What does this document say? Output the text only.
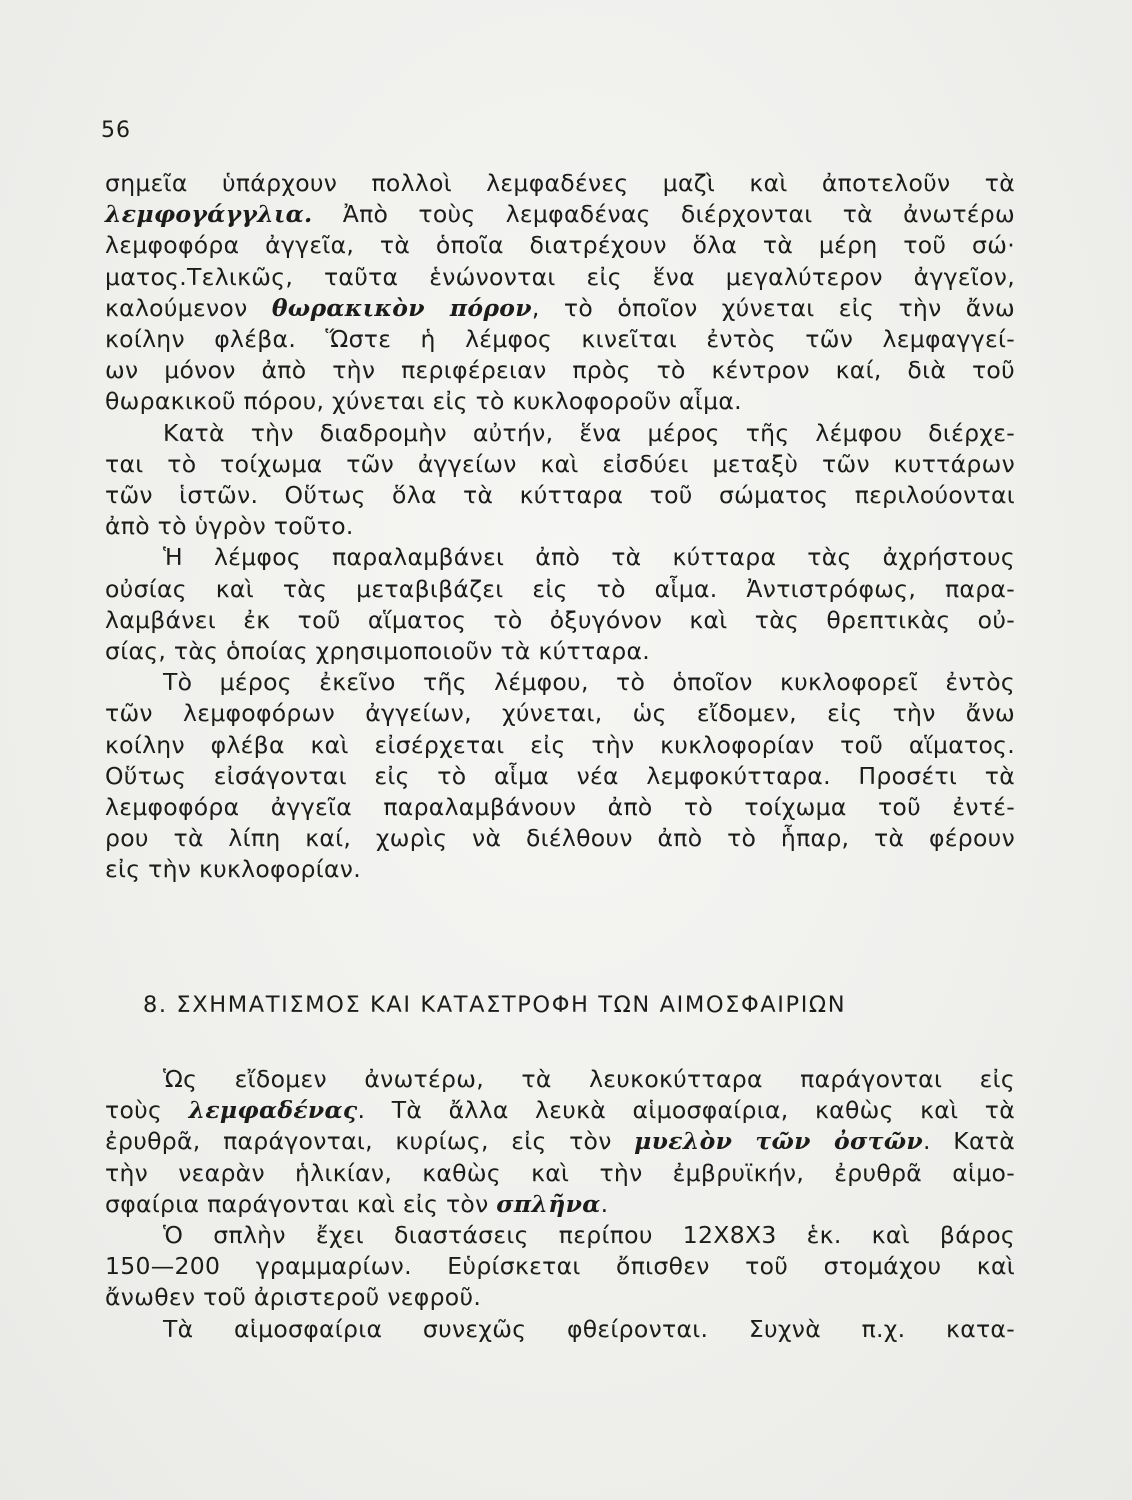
56
σημεῖα ὑπάρχουν πολλοὶ λεμφαδένες μαζὶ καὶ ἀποτελοῦν τὰ
λεμφογάγγλια. Ἀπὸ τοὺς λεμφαδένας διέρχονται τὰ ἀνωτέρω
λεμφοφόρα ἀγγεῖα, τὰ ὁποῖα διατρέχουν ὅλα τὰ μέρη τοῦ σώ·
ματος.Τελικῶς, ταῦτα ἑνώνονται εἰς ἕνα μεγαλύτερον ἀγγεῖον,
καλούμενον θωρακικὸν πόρον, τὸ ὁποῖον χύνεται εἰς τὴν ἄνω
κοίλην φλέβα. Ὥστε ἡ λέμφος κινεῖται ἐντὸς τῶν λεμφαγγεί-
ων μόνον ἀπὸ τὴν περιφέρειαν πρὸς τὸ κέντρον καί, διὰ τοῦ
θωρακικοῦ πόρου, χύνεται εἰς τὸ κυκλοφοροῦν αἷμα.
Κατὰ τὴν διαδρομὴν αὐτήν, ἕνα μέρος τῆς λέμφου διέρχε-
ται τὸ τοίχωμα τῶν ἀγγείων καὶ εἰσδύει μεταξὺ τῶν κυττάρων
τῶν ἱστῶν. Οὕτως ὅλα τὰ κύτταρα τοῦ σώματος περιλούονται
ἀπὸ τὸ ὑγρὸν τοῦτο.
Ἡ λέμφος παραλαμβάνει ἀπὸ τὰ κύτταρα τὰς ἀχρήστους
οὐσίας καὶ τὰς μεταβιβάζει εἰς τὸ αἷμα. Ἀντιστρόφως, παρα-
λαμβάνει ἐκ τοῦ αἵματος τὸ ὀξυγόνον καὶ τὰς θρεπτικὰς οὐ-
σίας, τὰς ὁποίας χρησιμοποιοῦν τὰ κύτταρα.
Τὸ μέρος ἐκεῖνο τῆς λέμφου, τὸ ὁποῖον κυκλοφορεῖ ἐντὸς
τῶν λεμφοφόρων ἀγγείων, χύνεται, ὡς εἴδομεν, εἰς τὴν ἄνω
κοίλην φλέβα καὶ εἰσέρχεται εἰς τὴν κυκλοφορίαν τοῦ αἵματος.
Οὕτως εἰσάγονται εἰς τὸ αἷμα νέα λεμφοκύτταρα. Προσέτι τὰ
λεμφοφόρα ἀγγεῖα παραλαμβάνουν ἀπὸ τὸ τοίχωμα τοῦ ἐντέ-
ρου τὰ λίπη καί, χωρὶς νὰ διέλθουν ἀπὸ τὸ ἧπαρ, τὰ φέρουν
εἰς τὴν κυκλοφορίαν.
8. ΣΧΗΜΑΤΙΣΜΟΣ ΚΑΙ ΚΑΤΑΣΤΡΟΦΗ ΤΩΝ ΑΙΜΟΣΦΑΙΡΙΩΝ
Ὡς εἴδομεν ἀνωτέρω, τὰ λευκοκύτταρα παράγονται εἰς
τοὺς λεμφαδένας. Τὰ ἄλλα λευκὰ αἱμοσφαίρια, καθὼς καὶ τὰ
ἐρυθρᾶ, παράγονται, κυρίως, εἰς τὸν μυελὸν τῶν ὀστῶν. Κατὰ
τὴν νεαρὰν ἡλικίαν, καθὼς καὶ τὴν ἐμβρυϊκήν, ἐρυθρᾶ αἱμο-
σφαίρια παράγονται καὶ εἰς τὸν σπλῆνα.
Ὁ σπλὴν ἔχει διαστάσεις περίπου 12Χ8Χ3 ἑκ. καὶ βάρος
150—200 γραμμαρίων. Εὑρίσκεται ὄπισθεν τοῦ στομάχου καὶ
ἄνωθεν τοῦ ἀριστεροῦ νεφροῦ.
Τὰ αἱμοσφαίρια συνεχῶς φθείρονται. Συχνὰ π.χ. κατα-
